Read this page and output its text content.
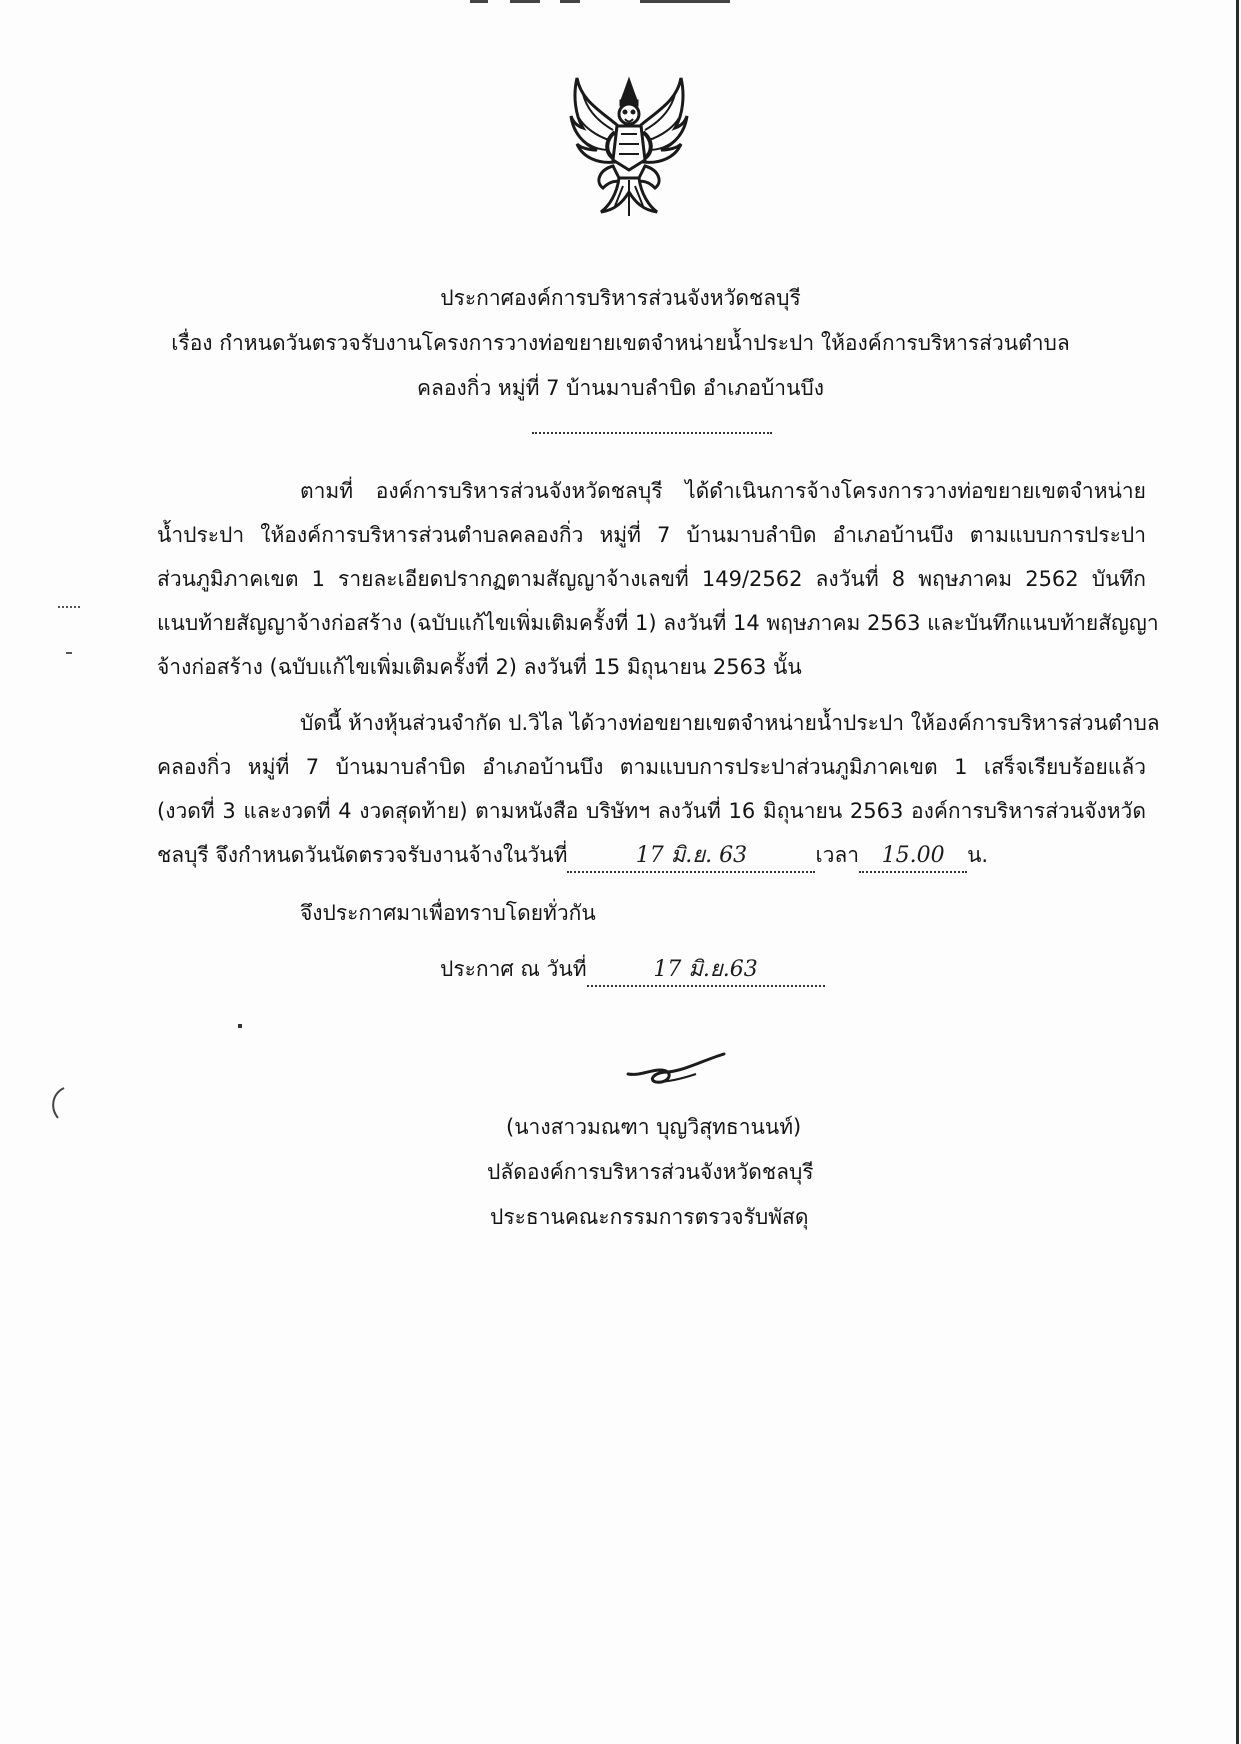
ประกาศองค์การบริหารส่วนจังหวัดชลบุรี
เรื่อง กำหนดวันตรวจรับงานโครงการวางท่อขยายเขตจำหน่ายน้ำประปา ให้องค์การบริหารส่วนตำบล
คลองกิ่ว หมู่ที่ 7 บ้านมาบลำบิด อำเภอบ้านบึง
ตามที่ องค์การบริหารส่วนจังหวัดชลบุรี ได้ดำเนินการจ้างโครงการวางท่อขยายเขตจำหน่าย
น้ำประปา ให้องค์การบริหารส่วนตำบลคลองกิ่ว หมู่ที่ 7 บ้านมาบลำบิด อำเภอบ้านบึง ตามแบบการประปา
ส่วนภูมิภาคเขต 1 รายละเอียดปรากฏตามสัญญาจ้างเลขที่ 149/2562 ลงวันที่ 8 พฤษภาคม 2562 บันทึก
แนบท้ายสัญญาจ้างก่อสร้าง (ฉบับแก้ไขเพิ่มเติมครั้งที่ 1) ลงวันที่ 14 พฤษภาคม 2563 และบันทึกแนบท้ายสัญญา
จ้างก่อสร้าง (ฉบับแก้ไขเพิ่มเติมครั้งที่ 2) ลงวันที่ 15 มิถุนายน 2563 นั้น
บัดนี้ ห้างหุ้นส่วนจำกัด ป.วิไล ได้วางท่อขยายเขตจำหน่ายน้ำประปา ให้องค์การบริหารส่วนตำบล
คลองกิ่ว หมู่ที่ 7 บ้านมาบลำบิด อำเภอบ้านบึง ตามแบบการประปาส่วนภูมิภาคเขต 1 เสร็จเรียบร้อยแล้ว
(งวดที่ 3 และงวดที่ 4 งวดสุดท้าย) ตามหนังสือ บริษัทฯ ลงวันที่ 16 มิถุนายน 2563 องค์การบริหารส่วนจังหวัด
ชลบุรี จึงกำหนดวันนัดตรวจรับงานจ้างในวันที่	17 มิ.ย. 63	เวลา 15.00 น.
จึงประกาศมาเพื่อทราบโดยทั่วกัน
ประกาศ ณ วันที่	17 มิ.ย.63
(นางสาวมณฑา บุญวิสุทธานนท์)
ปลัดองค์การบริหารส่วนจังหวัดชลบุรี
ประธานคณะกรรมการตรวจรับพัสดุ
